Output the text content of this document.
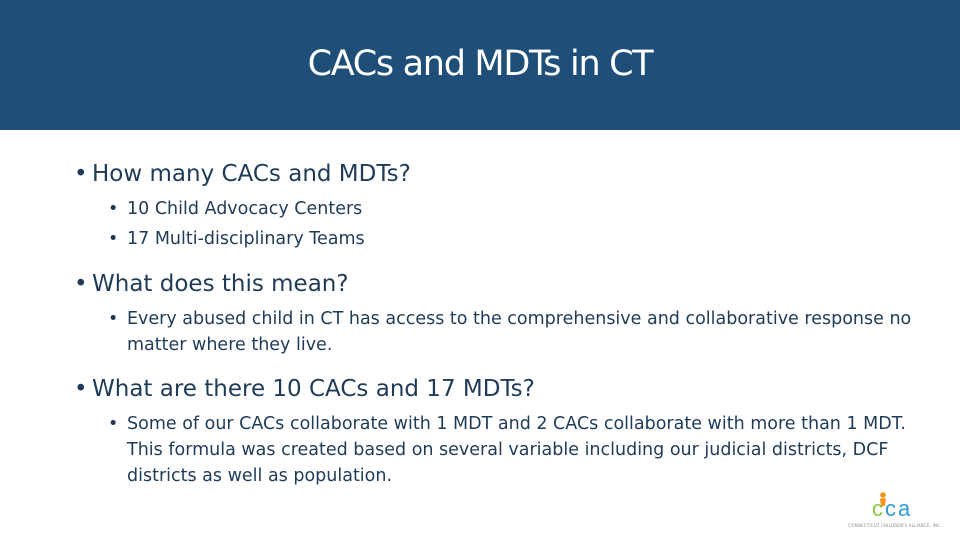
CACs and MDTs in CT
• How many CACs and MDTs?
• 10 Child Advocacy Centers
• 17 Multi-disciplinary Teams
• What does this mean?
• Every abused child in CT has access to the comprehensive and collaborative response no matter where they live.
• What are there 10 CACs and 17 MDTs?
• Some of our CACs collaborate with 1 MDT and 2 CACs collaborate with more than 1 MDT. This formula was created based on several variable including our judicial districts, DCF districts as well as population.
c c a
CONNECTICUT CHILDREN'S ALLIANCE, INC.
